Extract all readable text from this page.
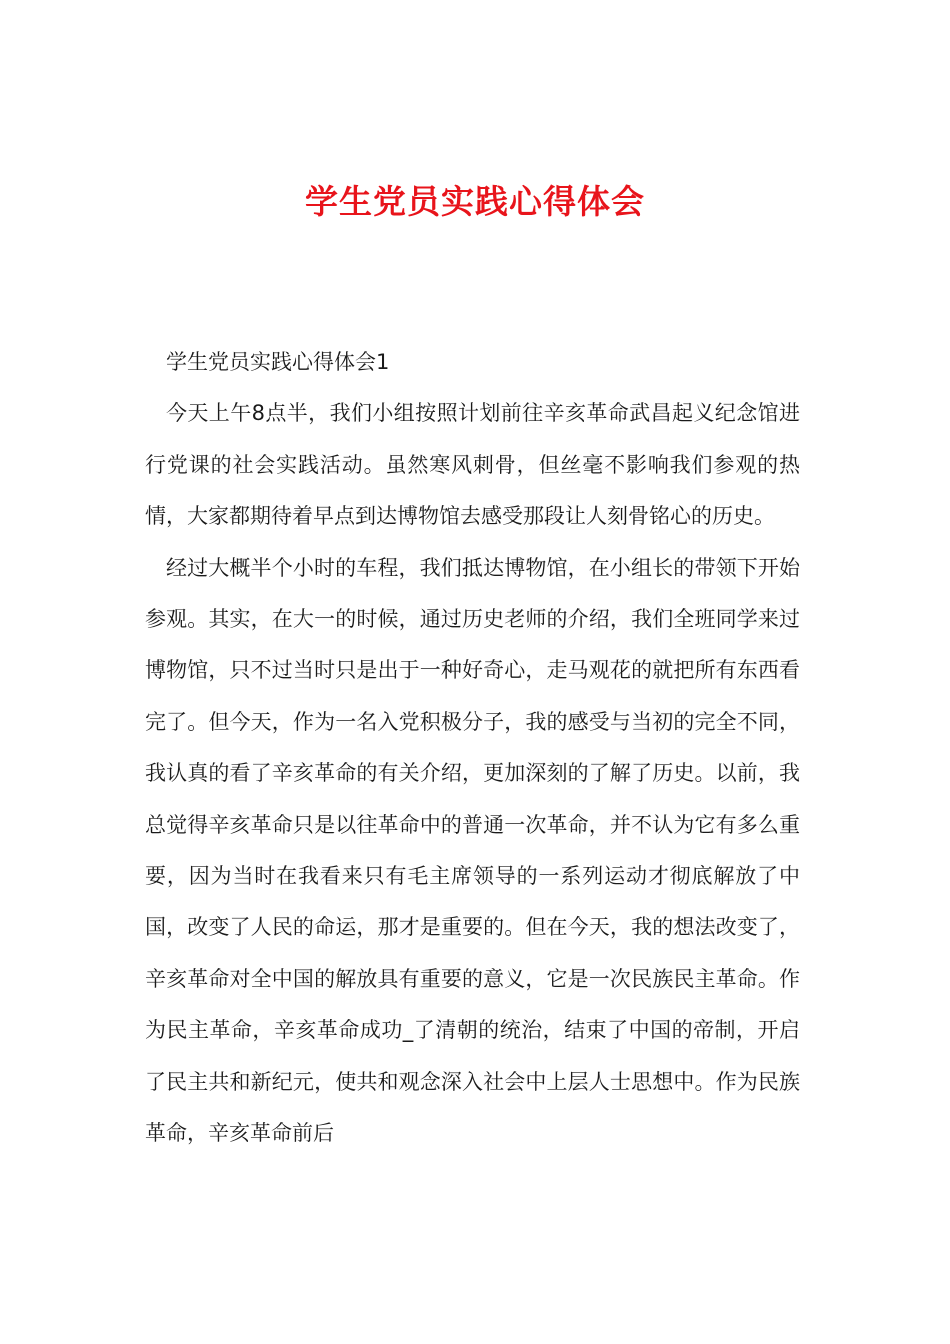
学生党员实践心得体会

学生党员实践心得体会1

今天上午8点半，我们小组按照计划前往辛亥革命武昌起义纪念馆进行党课的社会实践活动。虽然寒风刺骨，但丝毫不影响我们参观的热情，大家都期待着早点到达博物馆去感受那段让人刻骨铭心的历史。

经过大概半个小时的车程，我们抵达博物馆，在小组长的带领下开始参观。其实，在大一的时候，通过历史老师的介绍，我们全班同学来过博物馆，只不过当时只是出于一种好奇心，走马观花的就把所有东西看完了。但今天，作为一名入党积极分子，我的感受与当初的完全不同，我认真的看了辛亥革命的有关介绍，更加深刻的了解了历史。以前，我总觉得辛亥革命只是以往革命中的普通一次革命，并不认为它有多么重要，因为当时在我看来只有毛主席领导的一系列运动才彻底解放了中国，改变了人民的命运，那才是重要的。但在今天，我的想法改变了，辛亥革命对全中国的解放具有重要的意义，它是一次民族民主革命。作为民主革命，辛亥革命成功_了清朝的统治，结束了中国的帝制，开启了民主共和新纪元，使共和观念深入社会中上层人士思想中。作为民族革命，辛亥革命前后
